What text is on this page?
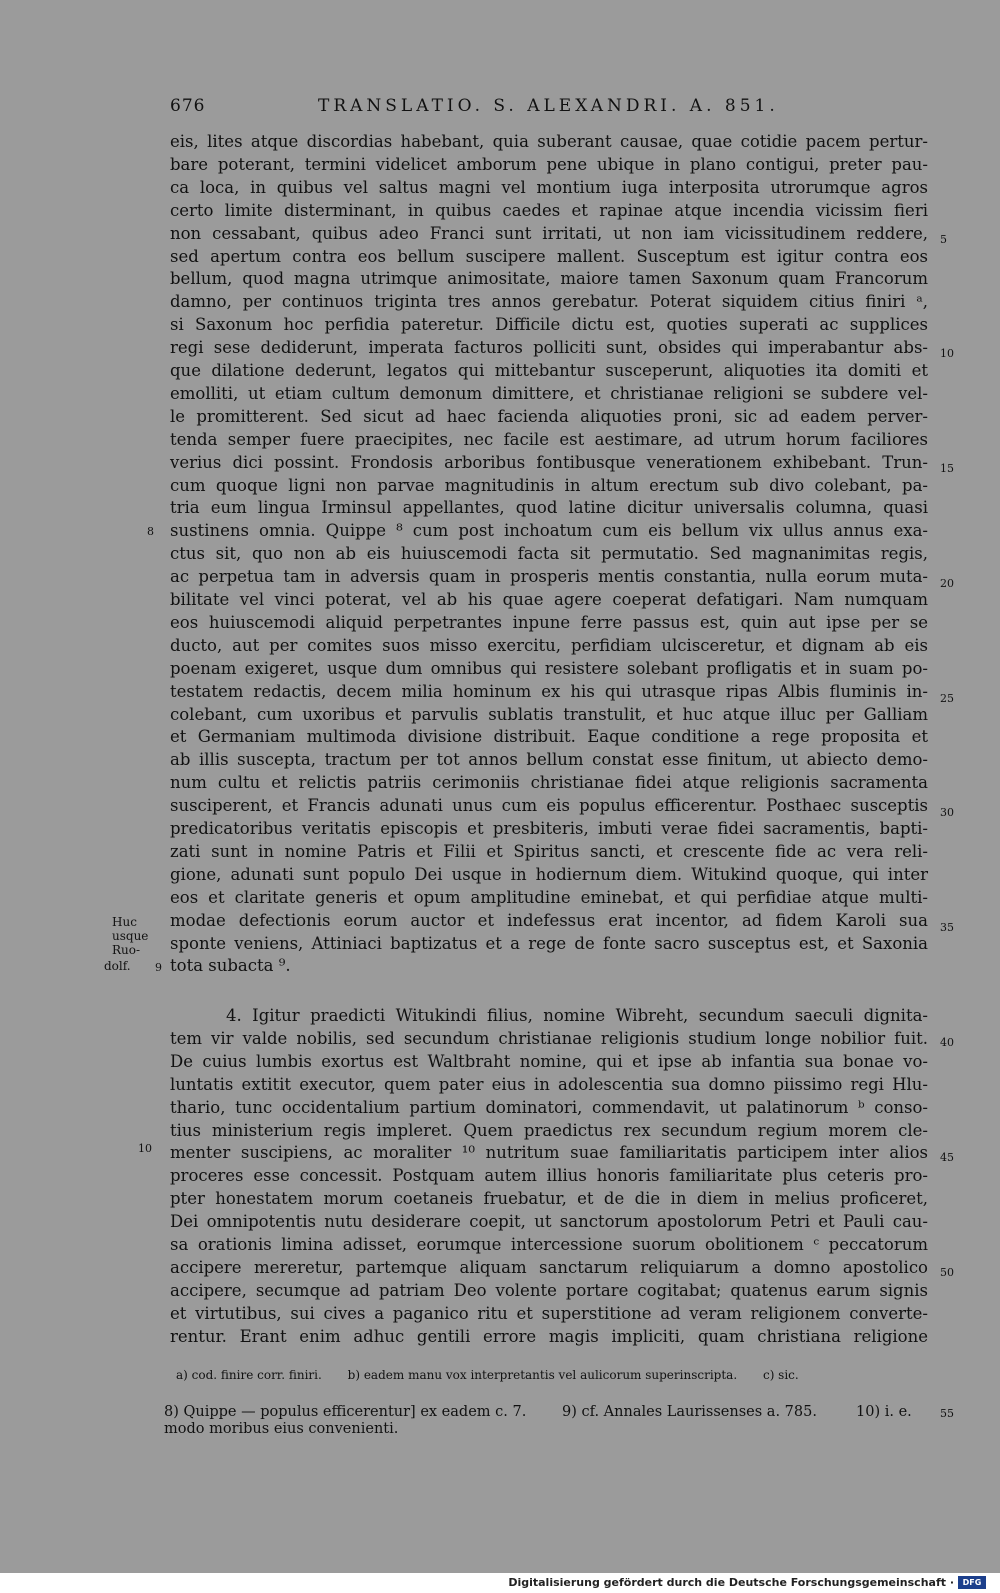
676	TRANSLATIO. S. ALEXANDRI. A. 851.
eis, lites atque discordias habebant, quia suberant causae, quae cotidie pacem pertur-
bare poterant, termini videlicet amborum pene ubique in plano contigui, preter pau-
ca loca, in quibus vel saltus magni vel montium iuga interposita utrorumque agros
certo limite disterminant, in quibus caedes et rapinae atque incendia vicissim fieri
non cessabant, quibus adeo Franci sunt irritati, ut non iam vicissitudinem reddere,
sed apertum contra eos bellum suscipere mallent. Susceptum est igitur contra eos
bellum, quod magna utrimque animositate, maiore tamen Saxonum quam Francorum
damno, per continuos triginta tres annos gerebatur. Poterat siquidem citius finiri ᵃ,
si Saxonum hoc perfidia pateretur. Difficile dictu est, quoties superati ac supplices
regi sese dediderunt, imperata facturos polliciti sunt, obsides qui imperabantur abs-
que dilatione dederunt, legatos qui mittebantur susceperunt, aliquoties ita domiti et
emolliti, ut etiam cultum demonum dimittere, et christianae religioni se subdere vel-
le promitterent. Sed sicut ad haec facienda aliquoties proni, sic ad eadem perver-
tenda semper fuere praecipites, nec facile est aestimare, ad utrum horum faciliores
verius dici possint. Frondosis arboribus fontibusque venerationem exhibebant. Trun-
cum quoque ligni non parvae magnitudinis in altum erectum sub divo colebant, pa-
tria eum lingua Irminsul appellantes, quod latine dicitur universalis columna, quasi
sustinens omnia. Quippe ⁸ cum post inchoatum cum eis bellum vix ullus annus exa-
ctus sit, quo non ab eis huiuscemodi facta sit permutatio. Sed magnanimitas regis,
ac perpetua tam in adversis quam in prosperis mentis constantia, nulla eorum muta-
bilitate vel vinci poterat, vel ab his quae agere coeperat defatigari. Nam numquam
eos huiuscemodi aliquid perpetrantes inpune ferre passus est, quin aut ipse per se
ducto, aut per comites suos misso exercitu, perfidiam ulcisceretur, et dignam ab eis
poenam exigeret, usque dum omnibus qui resistere solebant profligatis et in suam po-
testatem redactis, decem milia hominum ex his qui utrasque ripas Albis fluminis in-
colebant, cum uxoribus et parvulis sublatis transtulit, et huc atque illuc per Galliam
et Germaniam multimoda divisione distribuit. Eaque conditione a rege proposita et
ab illis suscepta, tractum per tot annos bellum constat esse finitum, ut abiecto demo-
num cultu et relictis patriis cerimoniis christianae fidei atque religionis sacramenta
susciperent, et Francis adunati unus cum eis populus efficerentur. Posthaec susceptis
predicatoribus veritatis episcopis et presbiteris, imbuti verae fidei sacramentis, bapti-
zati sunt in nomine Patris et Filii et Spiritus sancti, et crescente fide ac vera reli-
gione, adunati sunt populo Dei usque in hodiernum diem. Witukind quoque, qui inter
eos et claritate generis et opum amplitudine eminebat, et qui perfidiae atque multi-
modae defectionis eorum auctor et indefessus erat incentor, ad fidem Karoli sua
sponte veniens, Attiniaci baptizatus et a rege de fonte sacro susceptus est, et Saxonia
tota subacta ⁹.
4. Igitur praedicti Witukindi filius, nomine Wibreht, secundum saeculi dignita-
tem vir valde nobilis, sed secundum christianae religionis studium longe nobilior fuit.
De cuius lumbis exortus est Waltbraht nomine, qui et ipse ab infantia sua bonae vo-
luntatis extitit executor, quem pater eius in adolescentia sua domno piissimo regi Hlu-
thario, tunc occidentalium partium dominatori, commendavit, ut palatinorum ᵇ conso-
tius ministerium regis impleret. Quem praedictus rex secundum regium morem cle-
menter suscipiens, ac moraliter ¹⁰ nutritum suae familiaritatis participem inter alios
proceres esse concessit. Postquam autem illius honoris familiaritate plus ceteris pro-
pter honestatem morum coetaneis fruebatur, et de die in diem in melius proficeret,
Dei omnipotentis nutu desiderare coepit, ut sanctorum apostolorum Petri et Pauli cau-
sa orationis limina adisset, eorumque intercessione suorum obolitionem ᶜ peccatorum
accipere mereretur, partemque aliquam sanctarum reliquiarum a domno apostolico
accipere, secumque ad patriam Deo volente portare cogitabat; quatenus earum signis
et virtutibus, sui cives a paganico ritu et superstitione ad veram religionem converte-
rentur. Erant enim adhuc gentili errore magis impliciti, quam christiana religione
5
10
15
20
25
30
35
40
45
50
8
Huc
usque
Ruo-
dolf.	9
10
a) cod. finire corr. finiri. b) eadem manu vox interpretantis vel aulicorum superinscripta. c) sic.
8) Quippe — populus efficerentur] ex eadem c. 7. 9) cf. Annales Laurissenses a. 785.	10) i. e.	55
modo moribus eius convenienti.
Digitalisierung gefördert durch die Deutsche Forschungsgemeinschaft ·	DFG
